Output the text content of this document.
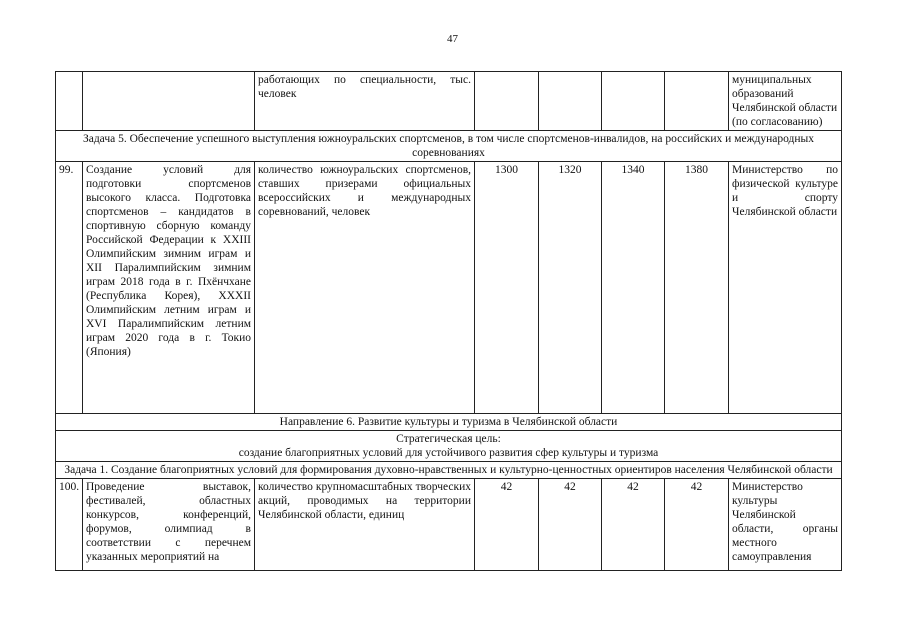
47
		работающих по специальности, тыс. человек					муниципальных
образований
Челябинской области
(по согласованию)
Задача 5. Обеспечение успешного выступления южноуральских спортсменов, в том числе спортсменов-инвалидов, на российских и международных соревнованиях							
99.	Создание условий для подготовки спортсменов высокого класса. Подготовка спортсменов – кандидатов в спортивную сборную команду Российской Федерации к XXIII Олимпийским зимним играм и XII Паралимпийским зимним играм 2018 года в г. Пхёнчхане (Республика Корея), XXXII Олимпийским летним играм и XVI Паралимпийским летним играм 2020 года в г. Токио (Япония)	количество южноуральских спортсменов, ставших призерами официальных всероссийских и международных соревнований, человек	1300	1320	1340	1380	Министерство по физической культуре и спорту Челябинской области
Направление 6. Развитие культуры и туризма в Челябинской области							
Стратегическая цель:
создание благоприятных условий для устойчивого развития сфер культуры и туризма							
Задача 1. Создание благоприятных условий для формирования духовно-нравственных и культурно-ценностных ориентиров населения Челябинской области							
100.	Проведение выставок, фестивалей, областных конкурсов, конференций, форумов, олимпиад в соответствии с перечнем указанных мероприятий на	количество крупномасштабных творческих акций, проводимых на территории Челябинской области, единиц	42	42	42	42	Министерство культуры Челябинской области, органы местного самоуправления
